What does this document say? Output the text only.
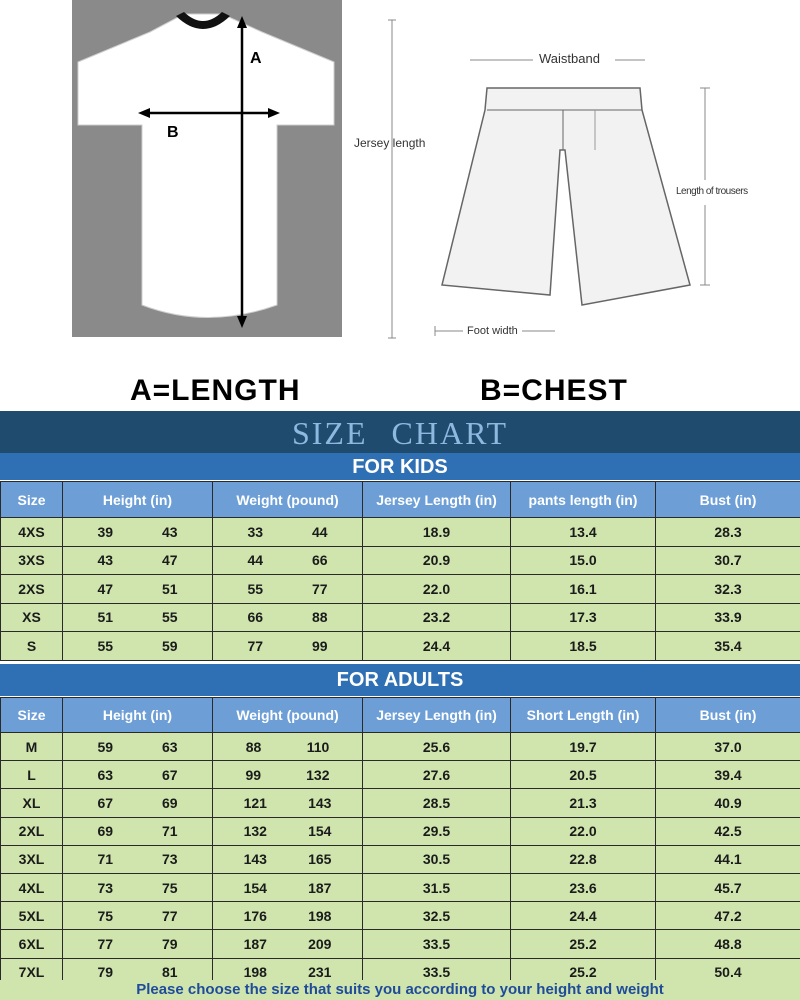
A
B
Jersey length
Waistband
Length of trousers
Foot width
A=LENGTH	B=CHEST
SIZE CHART
FOR KIDS
Size	Height (in)	Weight (pound)	Jersey Length (in)	pants length (in)	Bust (in)
4XS	39 43	33 44	18.9	13.4	28.3
3XS	43 47	44 66	20.9	15.0	30.7
2XS	47 51	55 77	22.0	16.1	32.3
XS	51 55	66 88	23.2	17.3	33.9
S	55 59	77 99	24.4	18.5	35.4
FOR ADULTS
Size	Height (in)	Weight (pound)	Jersey Length (in)	Short Length (in)	Bust (in)
M	59 63	88 110	25.6	19.7	37.0
L	63 67	99 132	27.6	20.5	39.4
XL	67 69	121 143	28.5	21.3	40.9
2XL	69 71	132 154	29.5	22.0	42.5
3XL	71 73	143 165	30.5	22.8	44.1
4XL	73 75	154 187	31.5	23.6	45.7
5XL	75 77	176 198	32.5	24.4	47.2
6XL	77 79	187 209	33.5	25.2	48.8
7XL	79 81	198 231	33.5	25.2	50.4
Please choose the size that suits you according to your height and weight
